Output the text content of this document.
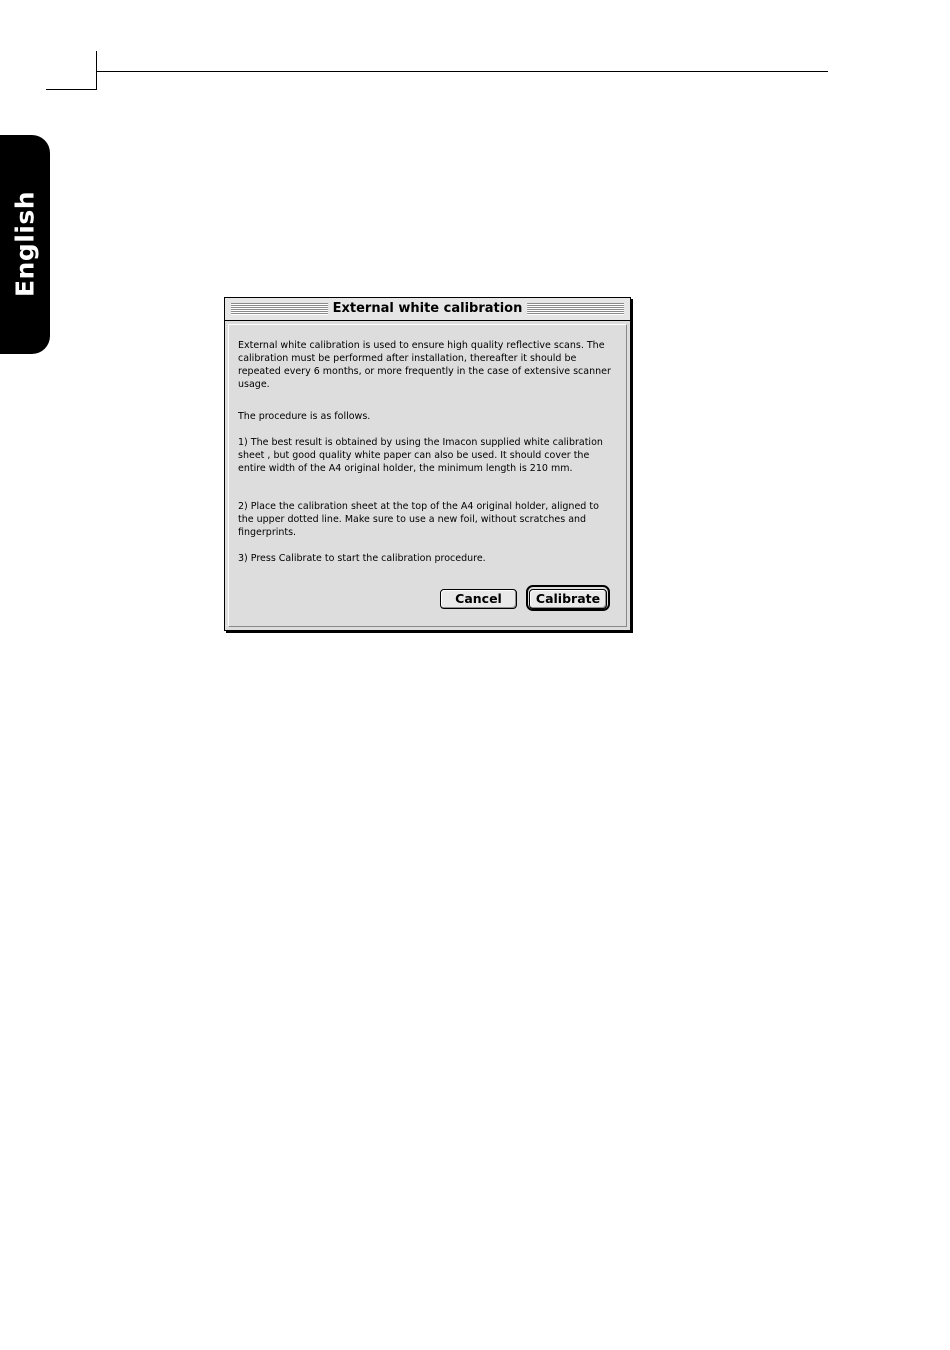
English
External white calibration

External white calibration is used to ensure high quality reflective scans. The calibration must be performed after installation, thereafter it should be repeated every 6 months, or more frequently in the case of extensive scanner usage.

The procedure is as follows.

1) The best result is obtained by using the Imacon supplied white calibration sheet , but good quality white paper can also be used. It should cover the entire width of the A4 original holder, the minimum length is 210 mm.

2) Place the calibration sheet at the top of the A4 original holder, aligned to the upper dotted line. Make sure to use a new foil, without scratches and fingerprints.

3) Press Calibrate to start the calibration procedure.

Cancel	Calibrate
